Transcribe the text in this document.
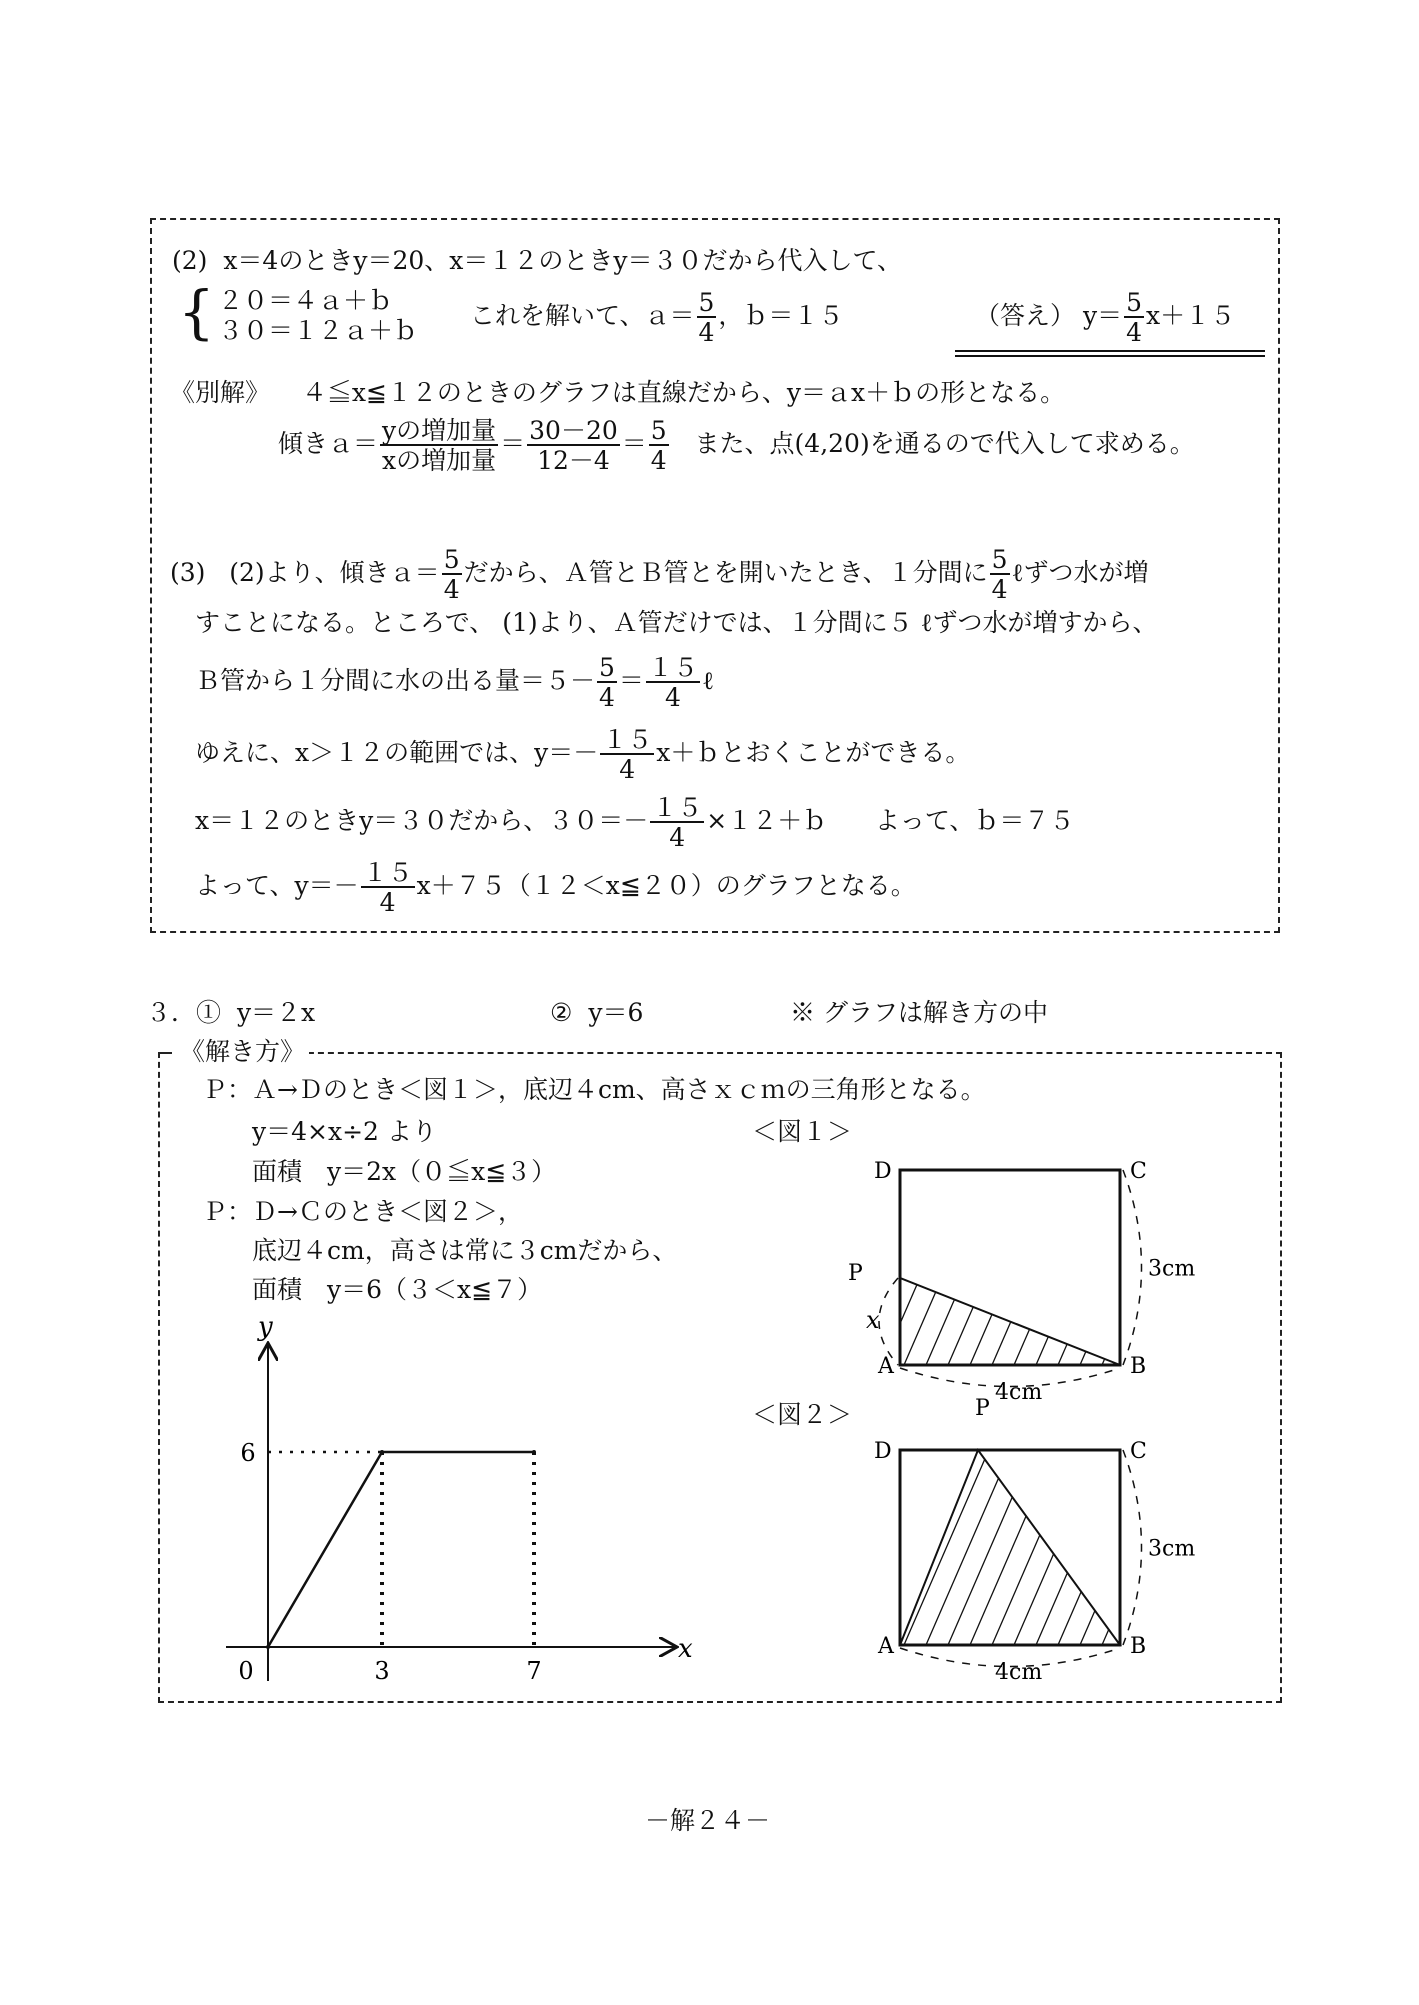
(2) x＝4のときy＝20、x＝１２のときy＝３０だから代入して、
{ ２０＝４ａ＋ｂ
３０＝１２ａ＋ｂ
これを解いて、ａ＝ $\frac{5}{4}$ ，ｂ＝１５	（答え） $y= \frac{5}{4} x+15$
《別解》 ４≦x≦１２のときのグラフは直線だから、y＝ａx＋ｂの形となる。
傾きａ＝ $\frac{\text{yの増加量}}{\text{xの増加量}} = \frac{30-20}{12-4} = \frac{5}{4}$ また、点(4,20)を通るので代入して求める。
(3) (2)より、傾きａ＝ $\frac{5}{4}$ だから、Ａ管とＢ管とを開いたとき、１分間に $\frac{5}{4}$ ℓずつ水が増
すことになる。ところで、 (1)より、Ａ管だけでは、１分間に５ ℓずつ水が増すから、
Ｂ管から１分間に水の出る量$=5- \frac{5}{4} = \frac{15}{4}$ ℓ
ゆえに、x＞１２の範囲では、$y=- \frac{15}{4}$ x＋ｂとおくことができる。
x＝１２のときy＝３０だから、$30=- \frac{15}{4}$ ×１２＋ｂ よって、ｂ＝７５
よって、$y=- \frac{15}{4}$ x＋７５（１２＜x≦２０）のグラフとなる。
３．① y＝２x	② y＝6	※ グラフは解き方の中
《解き方》
Ｐ：Ａ→Ｄのとき＜図１＞，底辺４cm、高さｘｃｍの三角形となる。
y＝4×x÷2 より
面積　y＝2x（０≦x≦３）
Ｐ：Ｄ→Ｃのとき＜図２＞，
底辺４cm，高さは常に３cmだから、
面積　y＝6（３＜x≦７）
＜図１＞
＜図２＞
x
y
0	3	7
6
A	B
C
D
4cm
3cm
P
x
P
A	B
C
D
4cm
3cm
－解２４－
